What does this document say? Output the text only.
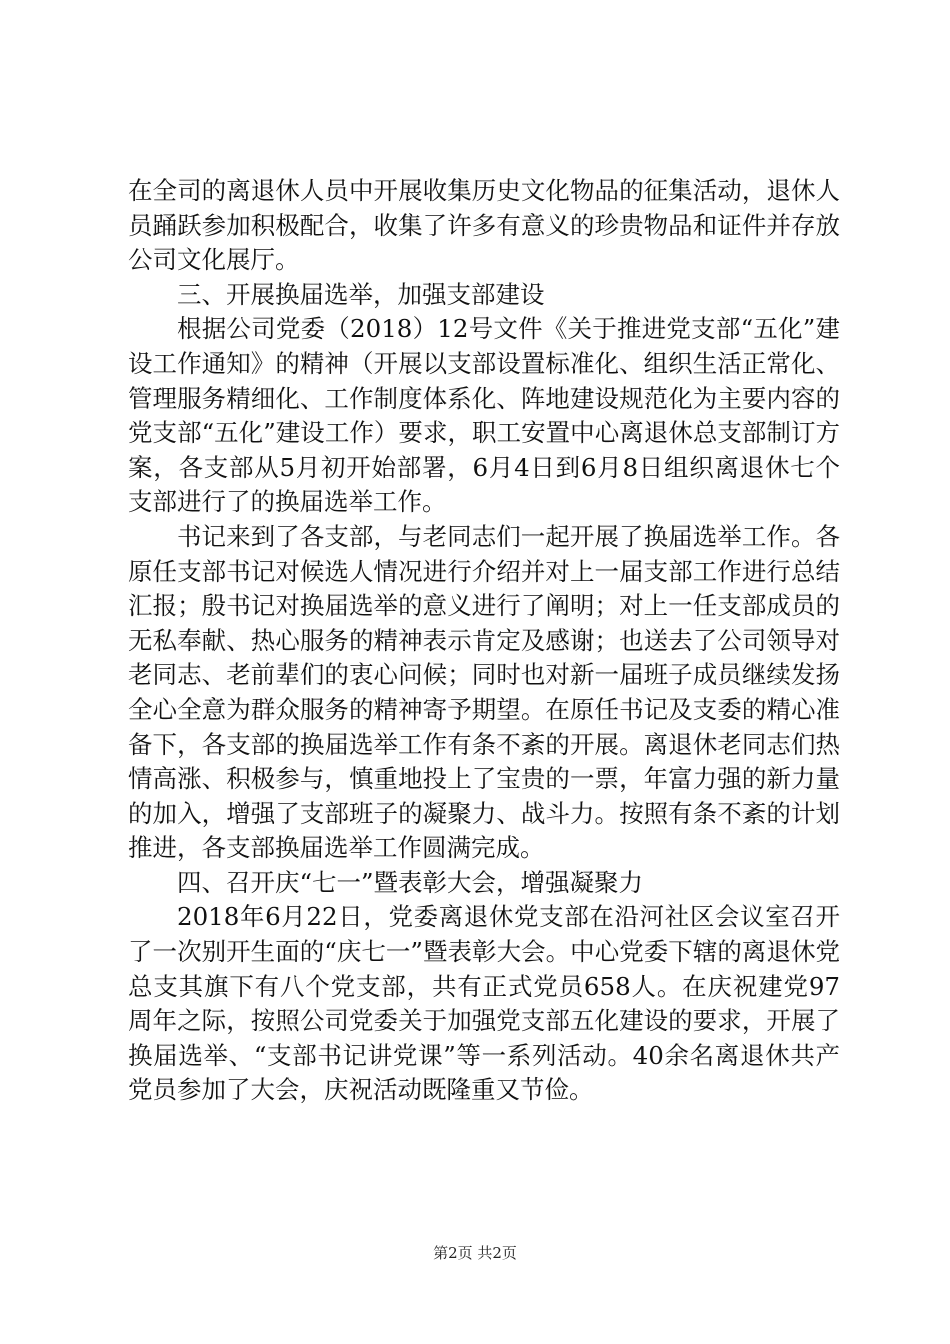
在全司的离退休人员中开展收集历史文化物品的征集活动，退休人员踊跃参加积极配合，收集了许多有意义的珍贵物品和证件并存放公司文化展厅。

三、开展换届选举，加强支部建设

根据公司党委（2018）12号文件《关于推进党支部“五化”建设工作通知》的精神（开展以支部设置标准化、组织生活正常化、管理服务精细化、工作制度体系化、阵地建设规范化为主要内容的党支部“五化”建设工作）要求，职工安置中心离退休总支部制订方案，各支部从5月初开始部署，6月4日到6月8日组织离退休七个支部进行了的换届选举工作。

书记来到了各支部，与老同志们一起开展了换届选举工作。各原任支部书记对候选人情况进行介绍并对上一届支部工作进行总结汇报；殷书记对换届选举的意义进行了阐明；对上一任支部成员的无私奉献、热心服务的精神表示肯定及感谢；也送去了公司领导对老同志、老前辈们的衷心问候；同时也对新一届班子成员继续发扬全心全意为群众服务的精神寄予期望。在原任书记及支委的精心准备下，各支部的换届选举工作有条不紊的开展。离退休老同志们热情高涨、积极参与，慎重地投上了宝贵的一票，年富力强的新力量的加入，增强了支部班子的凝聚力、战斗力。按照有条不紊的计划推进，各支部换届选举工作圆满完成。

四、召开庆“七一”暨表彰大会，增强凝聚力

2018年6月22日，党委离退休党支部在沿河社区会议室召开了一次别开生面的“庆七一”暨表彰大会。中心党委下辖的离退休党总支其旗下有八个党支部，共有正式党员658人。在庆祝建党97周年之际，按照公司党委关于加强党支部五化建设的要求，开展了换届选举、“支部书记讲党课”等一系列活动。40余名离退休共产党员参加了大会，庆祝活动既隆重又节俭。

第2页 共2页
